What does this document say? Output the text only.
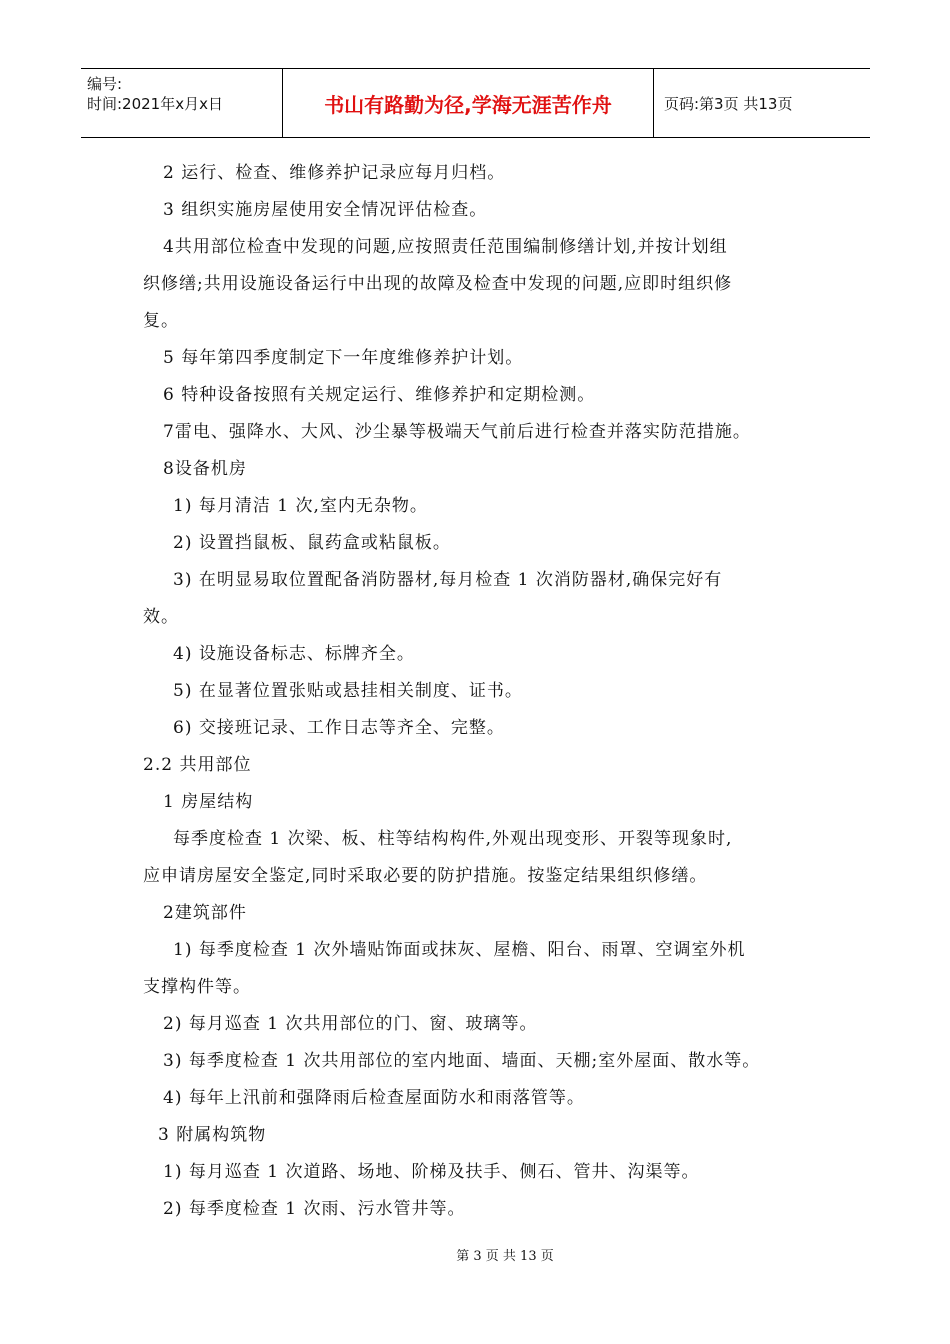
编号:
时间:2021年x月x日	书山有路勤为径,学海无涯苦作舟	页码:第3页 共13页
2 运行、检查、维修养护记录应每月归档。
3 组织实施房屋使用安全情况评估检查。
4共用部位检查中发现的问题,应按照责任范围编制修缮计划,并按计划组
织修缮;共用设施设备运行中出现的故障及检查中发现的问题,应即时组织修
复。
5 每年第四季度制定下一年度维修养护计划。
6 特种设备按照有关规定运行、维修养护和定期检测。
7雷电、强降水、大风、沙尘暴等极端天气前后进行检查并落实防范措施。
8设备机房
1) 每月清洁 1 次,室内无杂物。
2) 设置挡鼠板、鼠药盒或粘鼠板。
3) 在明显易取位置配备消防器材,每月检查 1 次消防器材,确保完好有
效。
4) 设施设备标志、标牌齐全。
5) 在显著位置张贴或悬挂相关制度、证书。
6) 交接班记录、工作日志等齐全、完整。
2.2 共用部位
1 房屋结构
每季度检查 1 次梁、板、柱等结构构件,外观出现变形、开裂等现象时,
应申请房屋安全鉴定,同时采取必要的防护措施。按鉴定结果组织修缮。
2建筑部件
1) 每季度检查 1 次外墙贴饰面或抹灰、屋檐、阳台、雨罩、空调室外机
支撑构件等。
2) 每月巡查 1 次共用部位的门、窗、玻璃等。
3) 每季度检查 1 次共用部位的室内地面、墙面、天棚;室外屋面、散水等。
4) 每年上汛前和强降雨后检查屋面防水和雨落管等。
3 附属构筑物
1) 每月巡查 1 次道路、场地、阶梯及扶手、侧石、管井、沟渠等。
2) 每季度检查 1 次雨、污水管井等。
第 3 页 共 13 页
